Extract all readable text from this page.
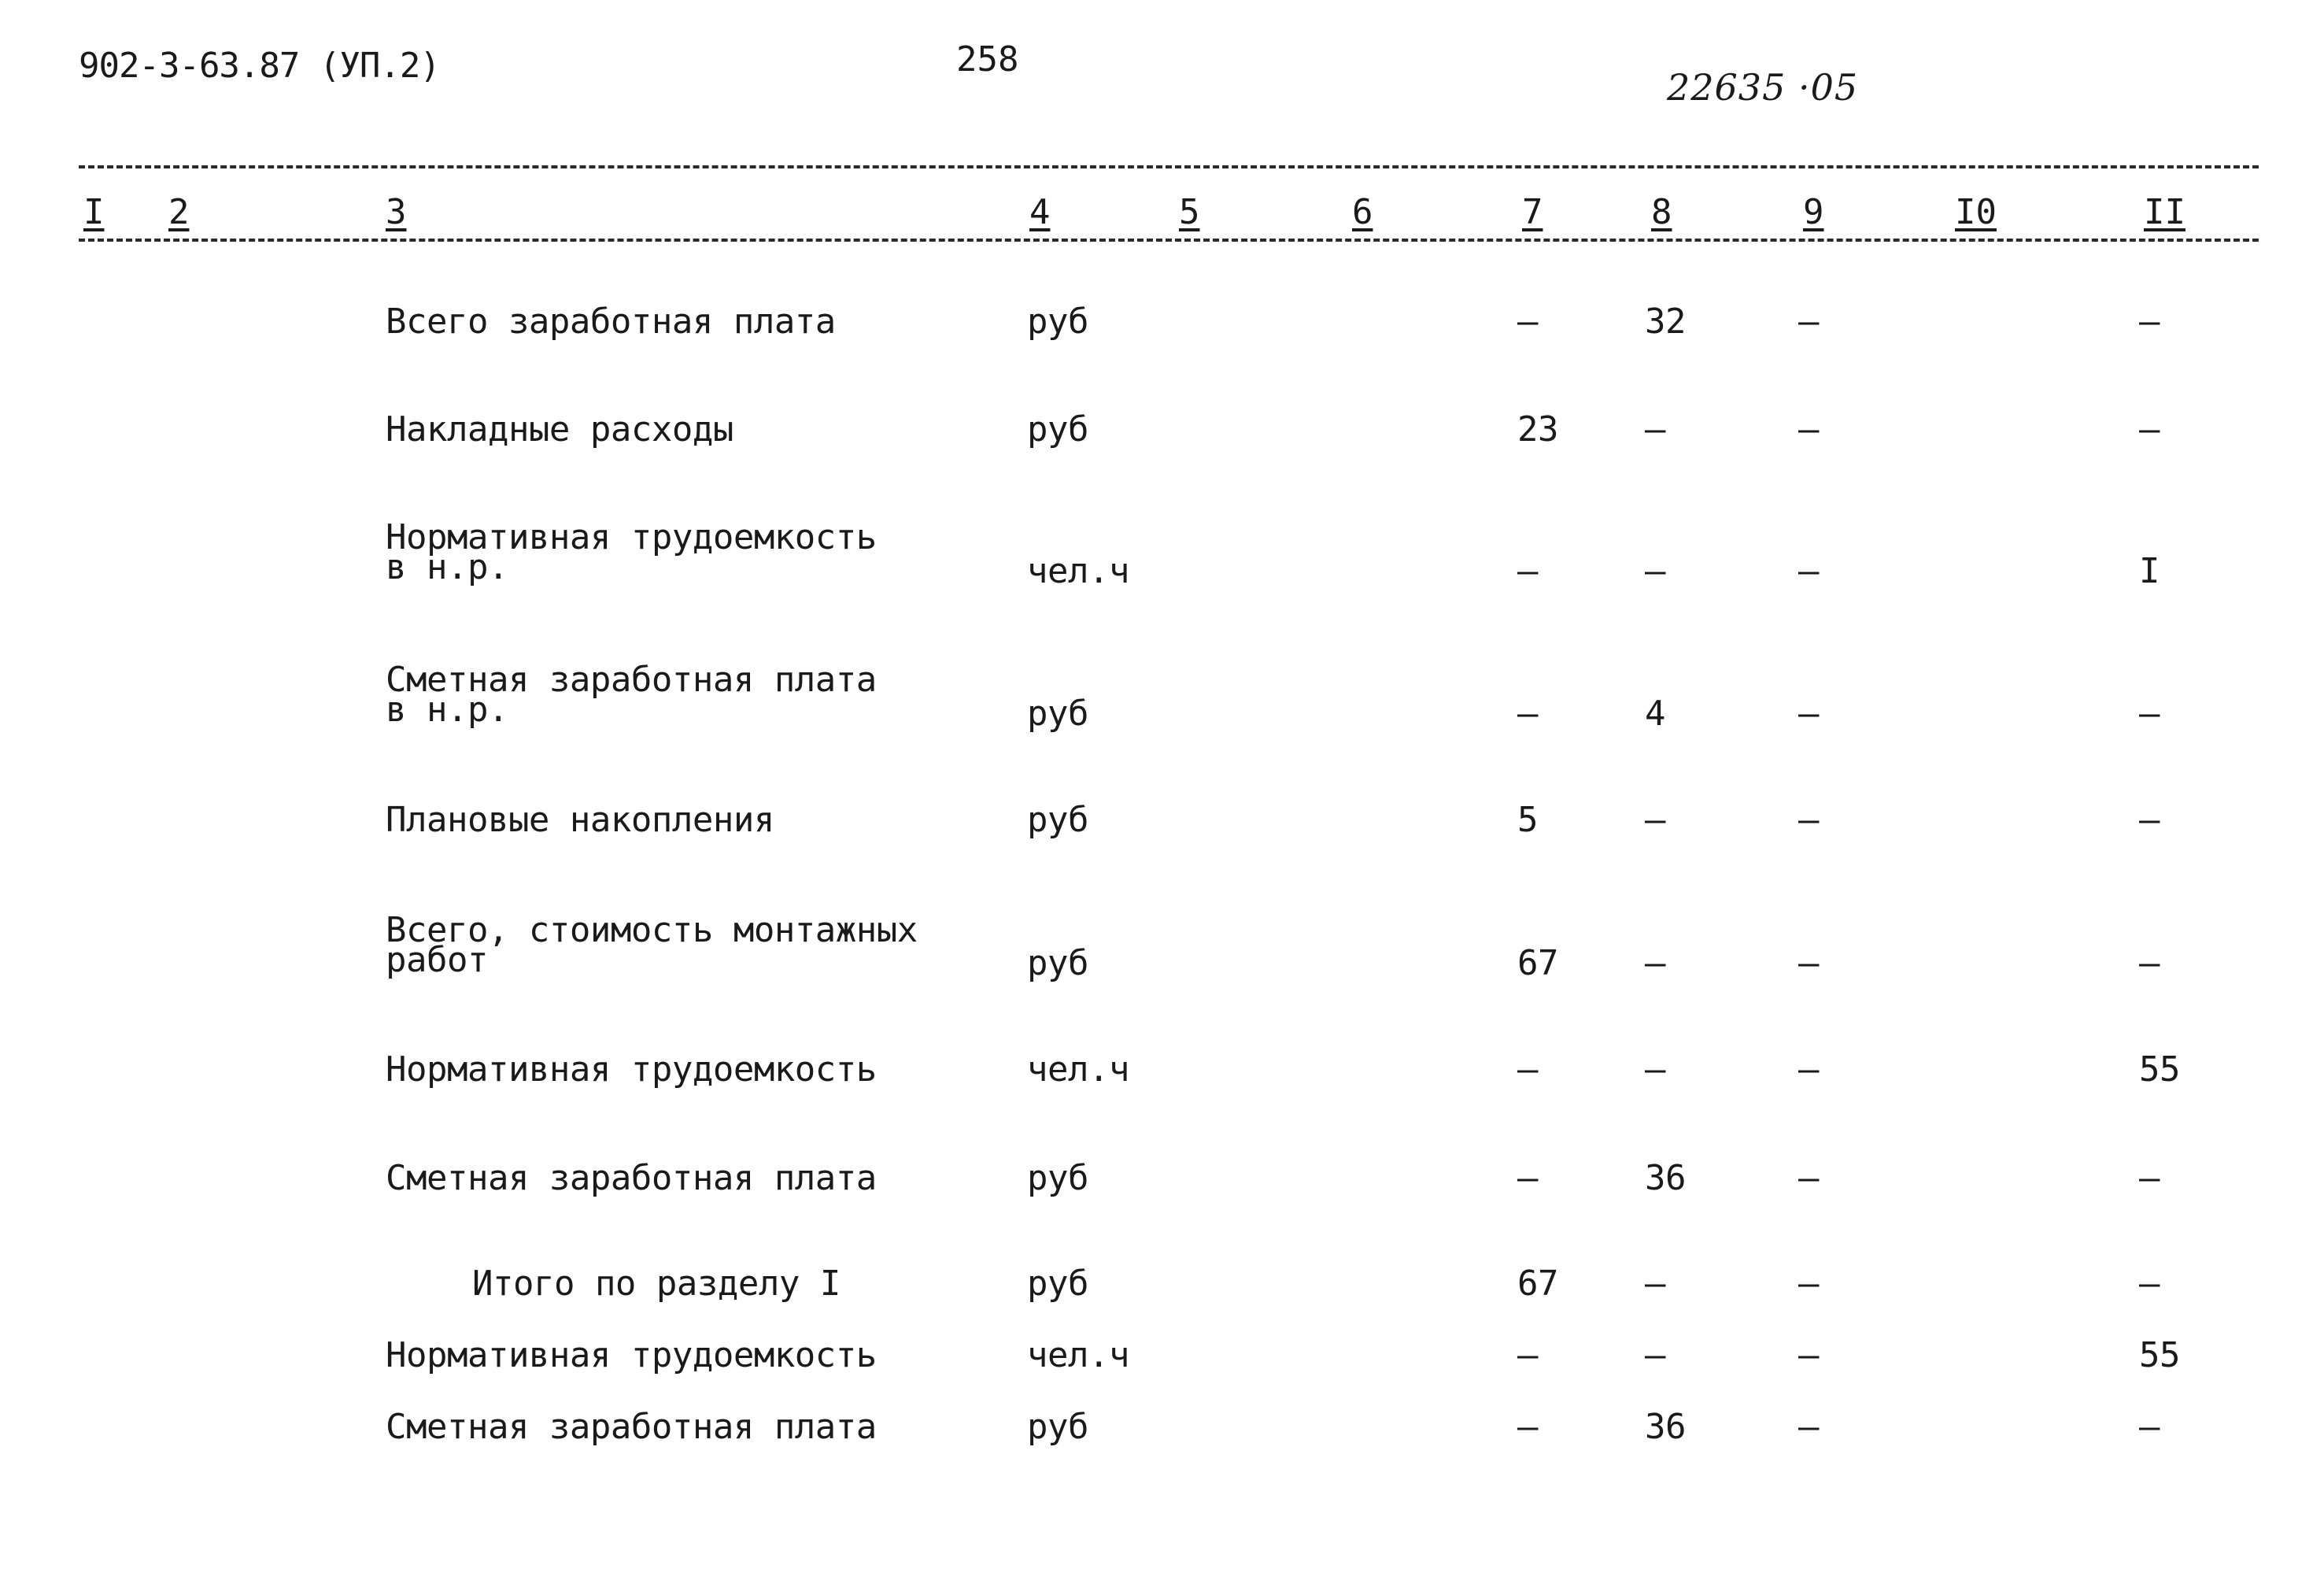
902-3-63.87 (УП.2)	258
22635 ·05
I 2	3	4	5	6	7	8	9	I0	II
Всего заработная плата	руб	–	32	–	–
Накладные расходы	руб	23	–	–	–
Нормативная трудоемкость
в н.р.	чел.ч	–	–	–	I
Сметная заработная плата
в н.р.	руб	–	4	–	–
Плановые накопления	руб	5	–	–	–
Всего, стоимость монтажных
работ	руб	67	–	–	–
Нормативная трудоемкость	чел.ч	–	–	–	55
Сметная заработная плата	руб	–	36	–	–
Итого по разделу I	руб	67	–	–	–
Нормативная трудоемкость	чел.ч	–	–	–	55
Сметная заработная плата	руб	–	36	–	–
